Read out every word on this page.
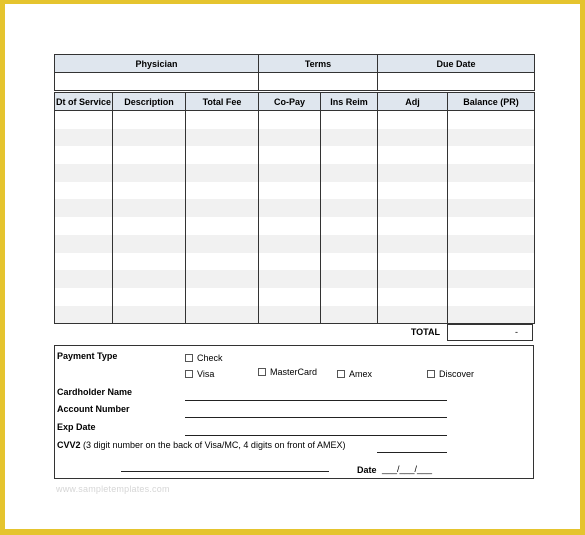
Physician	Terms	Due Date

Dt of Service	Description	Total Fee	Co-Pay	Ins Reim	Adj	Balance (PR)

TOTAL	-
Payment Type	Check
Visa	MasterCard	Amex	Discover
Cardholder Name
Account Number
Exp Date
CVV2 (3 digit number on the back of Visa/MC, 4 digits on front of AMEX)
Date ___/___/___
www.sampletemplates.com
